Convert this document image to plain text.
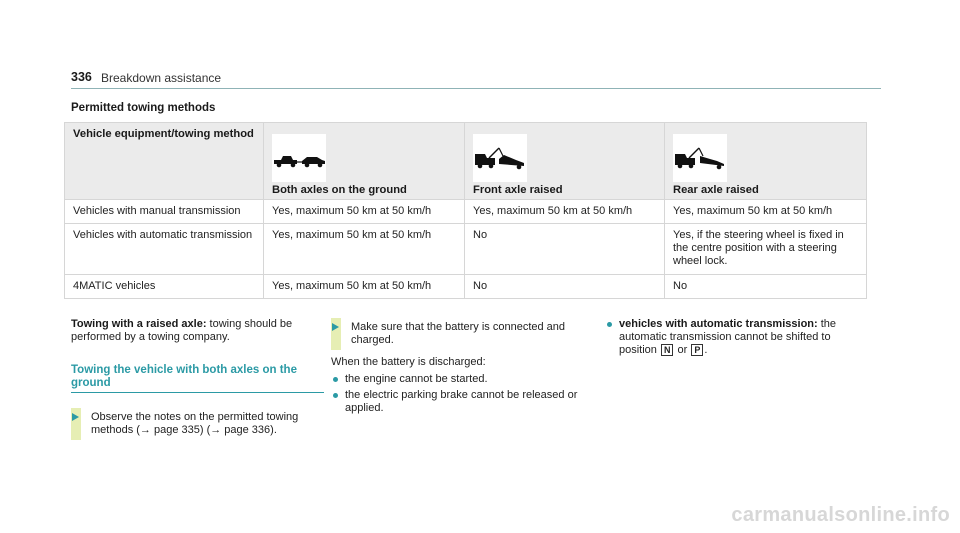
336 Breakdown assistance
Permitted towing methods
Vehicle equipment/towing method	Both axles on the ground	Front axle raised	Rear axle raised

Vehicles with manual transmission	Yes, maximum 50 km at 50 km/h	Yes, maximum 50 km at 50 km/h	Yes, maximum 50 km at 50 km/h
Vehicles with automatic transmission	Yes, maximum 50 km at 50 km/h	No	Yes, if the steering wheel is fixed in the centre position with a steering wheel lock.
4MATIC vehicles	Yes, maximum 50 km at 50 km/h	No	No
Towing with a raised axle: towing should be performed by a towing company.
Towing the vehicle with both axles on the ground
Observe the notes on the permitted towing methods (→ page 335) (→ page 336).
Make sure that the battery is connected and charged.
When the battery is discharged:
the engine cannot be started.
the electric parking brake cannot be released or applied.
vehicles with automatic transmission: the automatic transmission cannot be shifted to position N or P .
carmanualsonline.info
